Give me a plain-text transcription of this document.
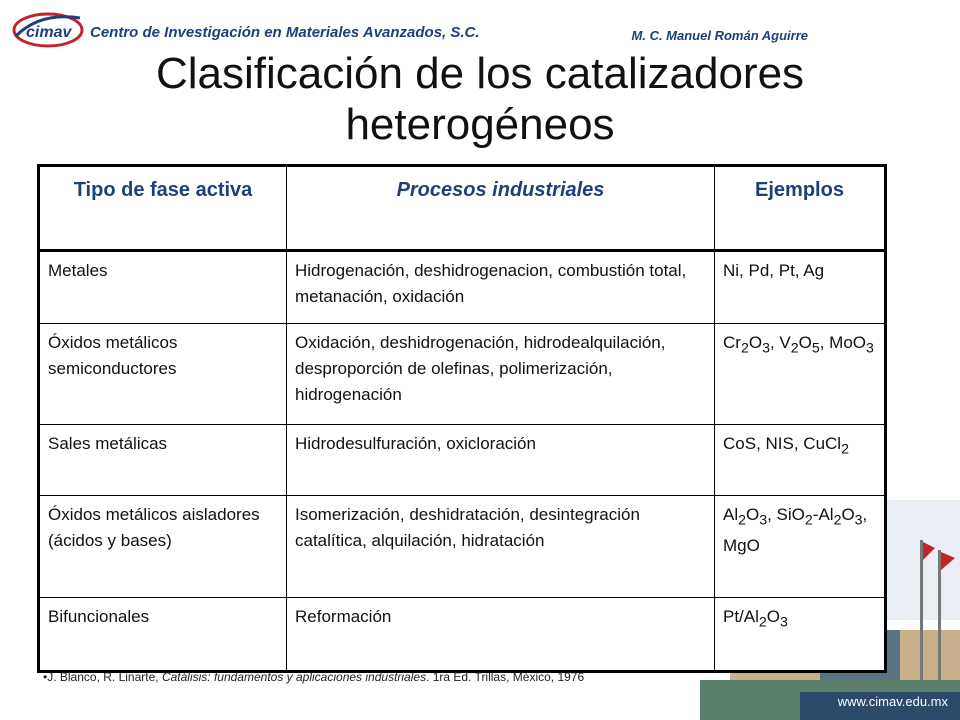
cimav Centro de Investigación en Materiales Avanzados, S.C.	M. C. Manuel Román Aguirre
Clasificación de los catalizadores
heterogéneos
Tipo de fase activa	Procesos industriales	Ejemplos
Metales	Hidrogenación, deshidrogenacion, combustión total, metanación, oxidación	Ni, Pd, Pt, Ag
Óxidos metálicos semiconductores	Oxidación, deshidrogenación, hidrodealquilación, desproporción de olefinas, polimerización, hidrogenación	$Cr_2O_3$, $V_2O_5$, MoO$_3$
Sales metálicas	Hidrodesulfuración, oxicloración	CoS, NIS, CuCl$_2$
Óxidos metálicos aisladores (ácidos y bases)	Isomerización, deshidratación, desintegración catalítica, alquilación, hidratación	$Al_2O_3$, $SiO_2-Al_2O_3$, MgO
Bifuncionales	Reformación	$Pt/Al_2O_3$
•J. Blanco, R. Linarte, Catálisis: fundamentos y aplicaciones industriales. 1ra Ed. Trillas, México, 1976
www.cimav.edu.mx
